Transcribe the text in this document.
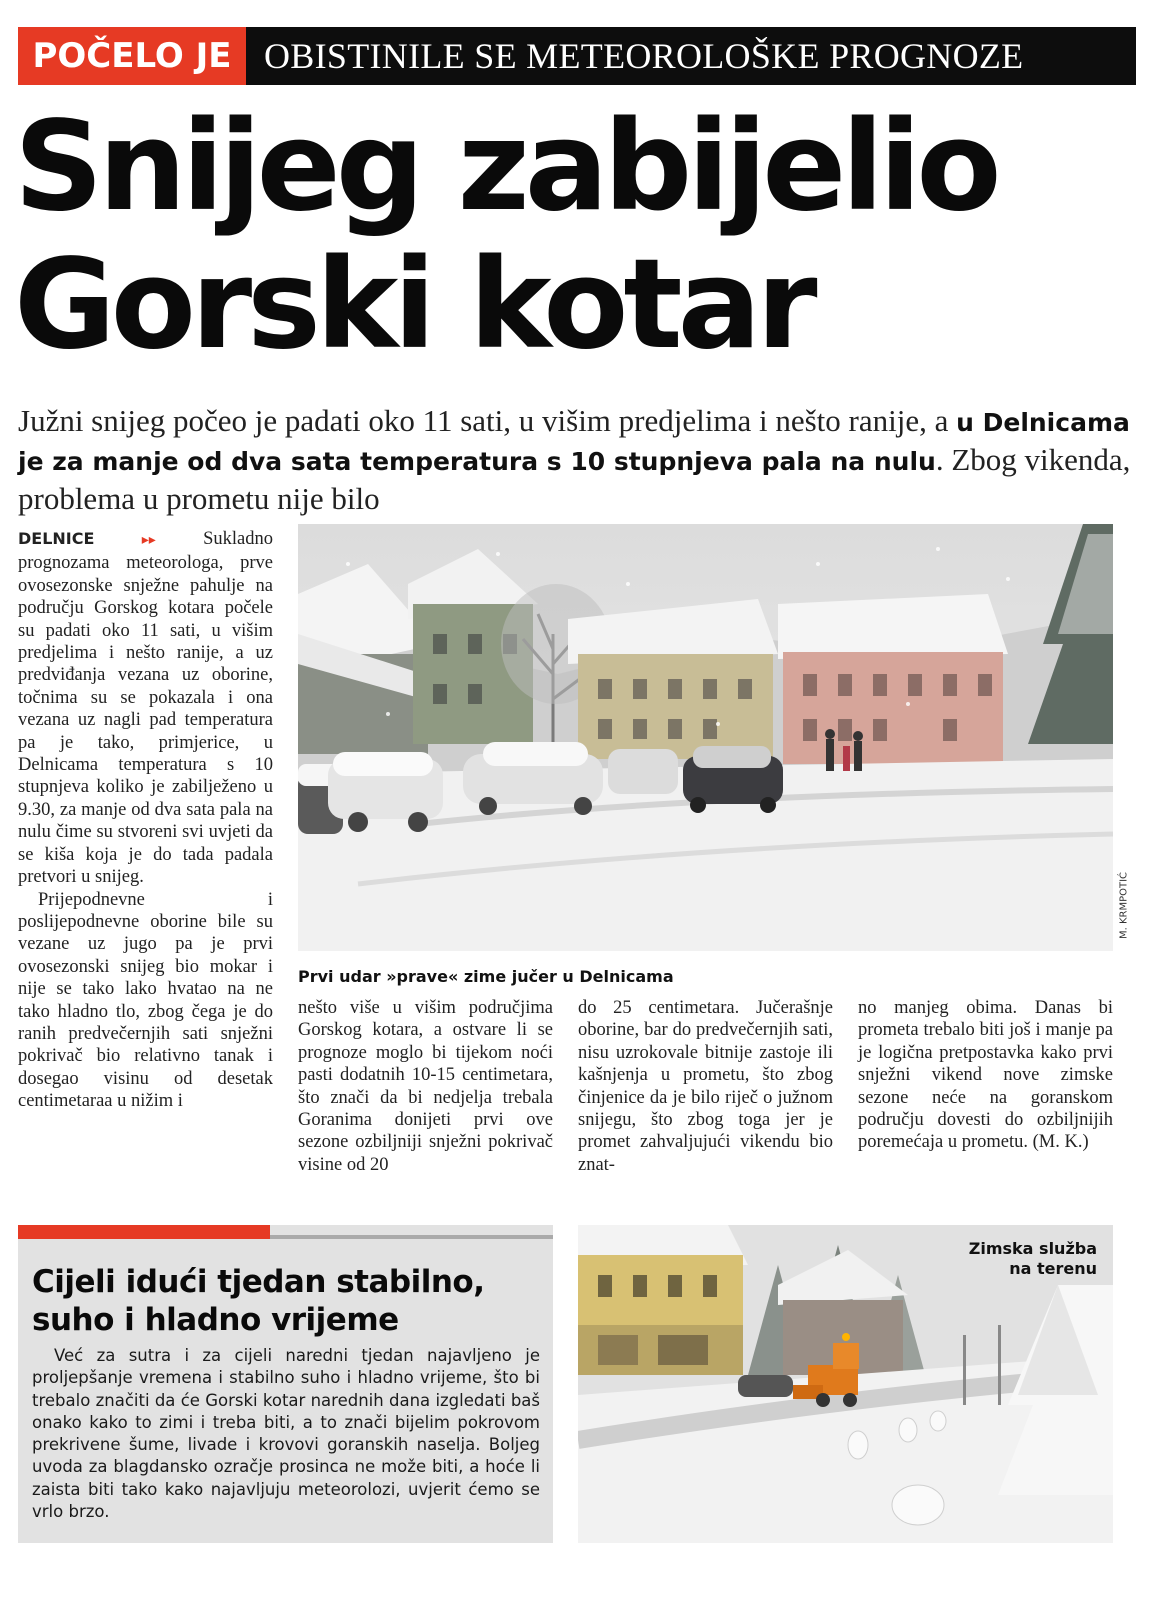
POČELO JE OBISTINILE SE METEOROLOŠKE PROGNOZE
Snijeg zabijelio
Gorski kotar

Južni snijeg počeo je padati oko 11 sati, u višim predjelima i nešto ranije, a u Delnicama je za manje od dva sata temperatura s 10 stupnjeva pala na nulu. Zbog vikenda, problema u prometu nije bilo

DELNICE	▸▸	Sukladno prognozama meteorologa, prve ovosezonske snježne pahulje na području Gorskog kotara počele su padati oko 11 sati, u višim predjelima i nešto ranije, a uz predviđanja vezana uz oborine, točnima su se pokazala i ona vezana uz nagli pad temperatura pa je tako, primjerice, u Delnicama temperatura s 10 stupnjeva koliko je zabilježeno u 9.30, za manje od dva sata pala na nulu čime su stvoreni svi uvjeti da se kiša koja je do tada padala pretvori u snijeg.

Prijepodnevne i poslijepodnevne oborine bile su vezane uz jugo pa je prvi ovosezonski snijeg bio mokar i nije se tako lako hvatao na ne tako hladno tlo, zbog čega je do ranih predvečernjih sati snježni pokrivač bio relativno tanak i dosegao visinu od desetak centimetaraa u nižim i

M. KRMPOTIĆ
Prvi udar »prave« zime jučer u Delnicama

nešto više u višim područjima Gorskog kotara, a ostvare li se prognoze moglo bi tijekom noći pasti dodatnih 10-15 centimetara, što znači da bi nedjelja trebala Goranima donijeti prvi ove sezone ozbiljniji snježni pokrivač visine od 20

do 25 centimetara. Jučerašnje oborine, bar do predvečernjih sati, nisu uzrokovale bitnije zastoje ili kašnjenja u prometu, što zbog činjenice da je bilo riječ o južnom snijegu, što zbog toga jer je promet zahvaljujući vikendu bio znat-

no manjeg obima. Danas bi prometa trebalo biti još i manje pa je logična pretpostavka kako prvi snježni vikend nove zimske sezone neće na goranskom području dovesti do ozbiljnijih poremećaja u prometu. (M. K.)

Cijeli idući tjedan stabilno, suho i hladno vrijeme

Već za sutra i za cijeli naredni tjedan najavljeno je proljepšanje vremena i stabilno suho i hladno vrijeme, što bi trebalo značiti da će Gorski kotar narednih dana izgledati baš onako kako to zimi i treba biti, a to znači bijelim pokrovom prekrivene šume, livade i krovovi goranskih naselja. Boljeg uvoda za blagdansko ozračje prosinca ne može biti, a hoće li zaista biti tako kako najavljuju meteorolozi, uvjerit ćemo se vrlo brzo.

Zimska služba
na terenu
